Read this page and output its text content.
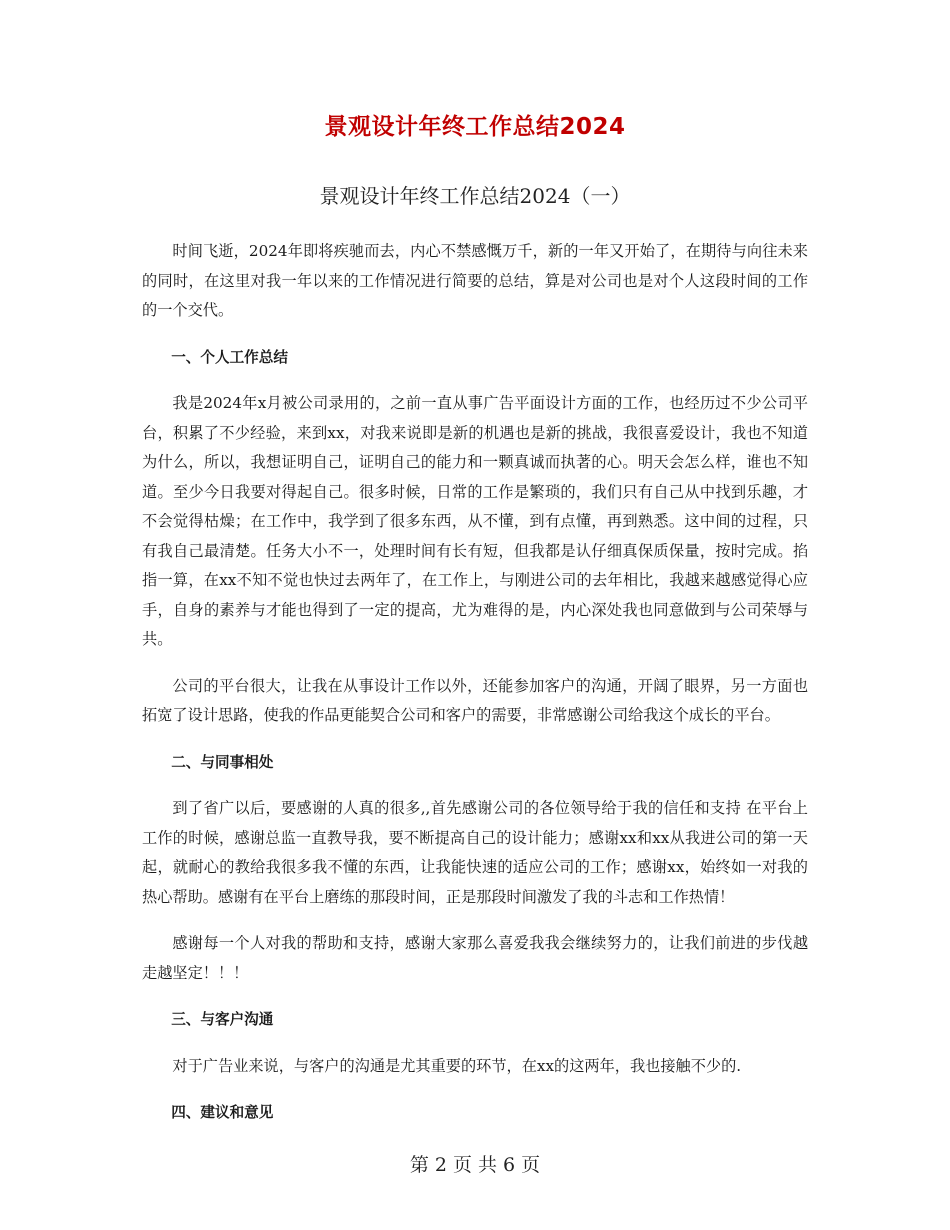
景观设计年终工作总结2024
景观设计年终工作总结2024（一）

时间飞逝，2024年即将疾驰而去，内心不禁感慨万千，新的一年又开始了，在期待与向往未来的同时，在这里对我一年以来的工作情况进行简要的总结，算是对公司也是对个人这段时间的工作的一个交代。

一、个人工作总结

我是2024年x月被公司录用的，之前一直从事广告平面设计方面的工作，也经历过不少公司平台，积累了不少经验，来到xx，对我来说即是新的机遇也是新的挑战，我很喜爱设计，我也不知道为什么，所以，我想证明自己，证明自己的能力和一颗真诚而执著的心。明天会怎么样，谁也不知道。至少今日我要对得起自己。很多时候，日常的工作是繁琐的，我们只有自己从中找到乐趣，才不会觉得枯燥；在工作中，我学到了很多东西，从不懂，到有点懂，再到熟悉。这中间的过程，只有我自己最清楚。任务大小不一，处理时间有长有短，但我都是认仔细真保质保量，按时完成。掐指一算，在xx不知不觉也快过去两年了，在工作上，与刚进公司的去年相比，我越来越感觉得心应手，自身的素养与才能也得到了一定的提高，尤为难得的是，内心深处我也同意做到与公司荣辱与共。

公司的平台很大，让我在从事设计工作以外，还能参加客户的沟通，开阔了眼界，另一方面也拓宽了设计思路，使我的作品更能契合公司和客户的需要，非常感谢公司给我这个成长的平台。

二、与同事相处

到了省广以后，要感谢的人真的很多,,首先感谢公司的各位领导给于我的信任和支持 在平台上工作的时候，感谢总监一直教导我，要不断提高自己的设计能力；感谢xx和xx从我进公司的第一天起，就耐心的教给我很多我不懂的东西，让我能快速的适应公司的工作；感谢xx，始终如一对我的热心帮助。感谢有在平台上磨练的那段时间，正是那段时间激发了我的斗志和工作热情！

感谢每一个人对我的帮助和支持，感谢大家那么喜爱我我会继续努力的，让我们前进的步伐越走越坚定！！！

三、与客户沟通

对于广告业来说，与客户的沟通是尤其重要的环节，在xx的这两年，我也接触不少的.

四、建议和意见

第 2 页 共 6 页
